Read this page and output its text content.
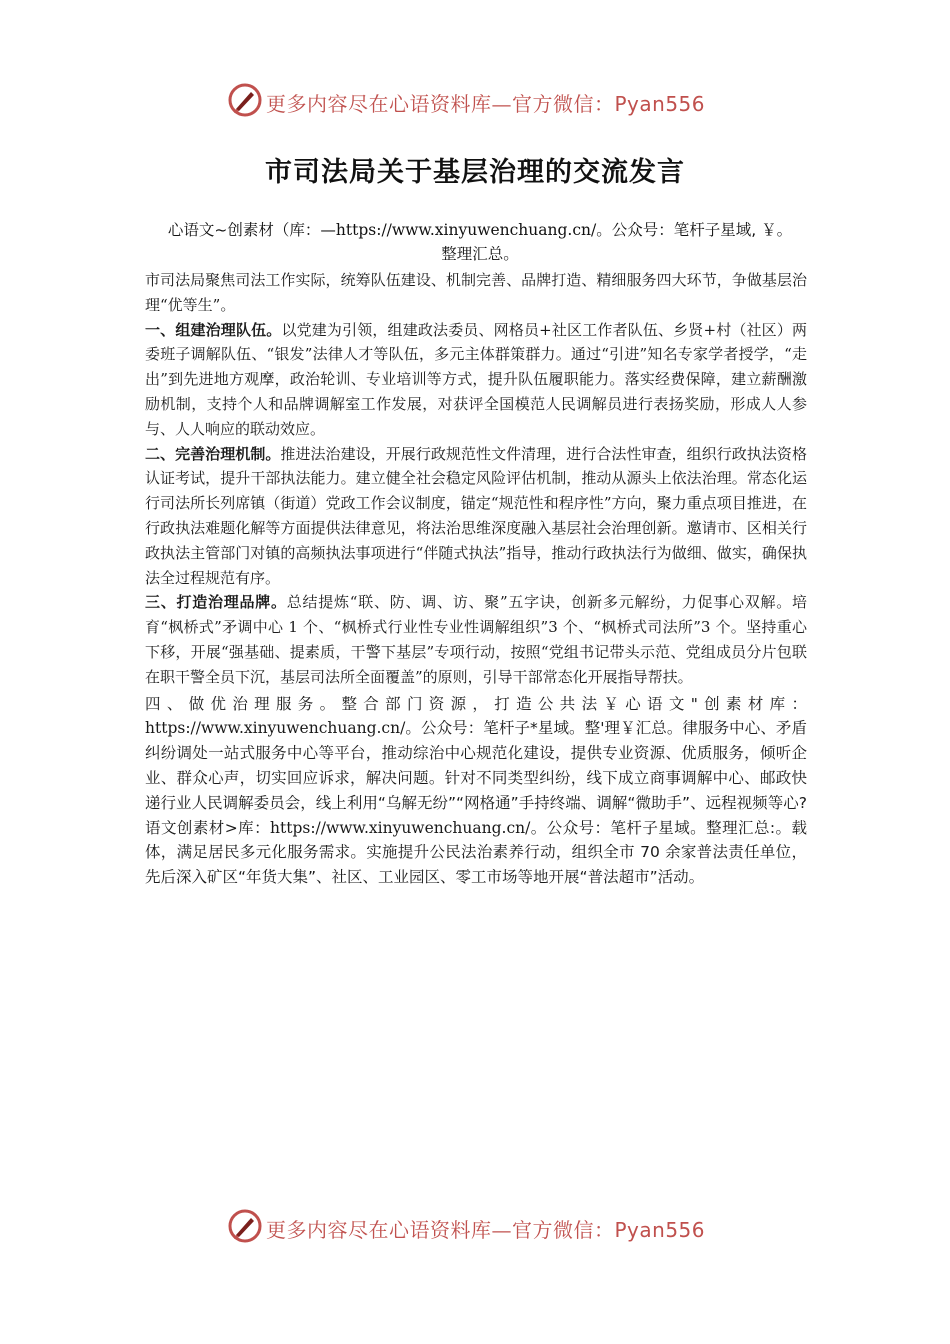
更多内容尽在心语资料库—官方微信：Pyan556
市司法局关于基层治理的交流发言
心语文~创素材（库：—https://www.xinyuwenchuang.cn/。公众号：笔杆子星域, ￥。
整理汇总。

市司法局聚焦司法工作实际，统筹队伍建设、机制完善、品牌打造、精细服务四大环节，争做基层治理“优等生”。

一、组建治理队伍。以党建为引领，组建政法委员、网格员+社区工作者队伍、乡贤+村（社区）两委班子调解队伍、“银发”法律人才等队伍，多元主体群策群力。通过“引进”知名专家学者授学，“走出”到先进地方观摩，政治轮训、专业培训等方式，提升队伍履职能力。落实经费保障，建立薪酬激励机制，支持个人和品牌调解室工作发展，对获评全国模范人民调解员进行表扬奖励，形成人人参与、人人响应的联动效应。

二、完善治理机制。推进法治建设，开展行政规范性文件清理，进行合法性审查，组织行政执法资格认证考试，提升干部执法能力。建立健全社会稳定风险评估机制，推动从源头上依法治理。常态化运行司法所长列席镇（街道）党政工作会议制度，锚定“规范性和程序性”方向，聚力重点项目推进，在行政执法难题化解等方面提供法律意见，将法治思维深度融入基层社会治理创新。邀请市、区相关行政执法主管部门对镇的高频执法事项进行“伴随式执法”指导，推动行政执法行为做细、做实，确保执法全过程规范有序。

三、打造治理品牌。总结提炼“联、防、调、访、聚”五字诀，创新多元解纷，力促事心双解。培育“枫桥式”矛调中心 1 个、“枫桥式行业性专业性调解组织”3 个、“枫桥式司法所”3 个。坚持重心下移，开展“强基础、提素质，干警下基层”专项行动，按照“党组书记带头示范、党组成员分片包联在职干警全员下沉，基层司法所全面覆盖”的原则，引导干部常态化开展指导帮扶。

四、做优治理服务。整合部门资源，打造公共法￥心语文"创素材库：https://www.xinyuwenchuang.cn/。公众号：笔杆子*星域。整'理￥汇总。律服务中心、矛盾纠纷调处一站式服务中心等平台，推动综治中心规范化建设，提供专业资源、优质服务，倾听企业、群众心声，切实回应诉求，解决问题。针对不同类型纠纷，线下成立商事调解中心、邮政快递行业人民调解委员会，线上利用“乌解无纷”“网格通”手持终端、调解“微助手”、远程视频等心?语文创素材>库：https://www.xinyuwenchuang.cn/。公众号：笔杆子星域。整理汇总:。载体，满足居民多元化服务需求。实施提升公民法治素养行动，组织全市 70 余家普法责任单位，先后深入矿区“年货大集”、社区、工业园区、零工市场等地开展“普法超市”活动。

更多内容尽在心语资料库—官方微信：Pyan556
